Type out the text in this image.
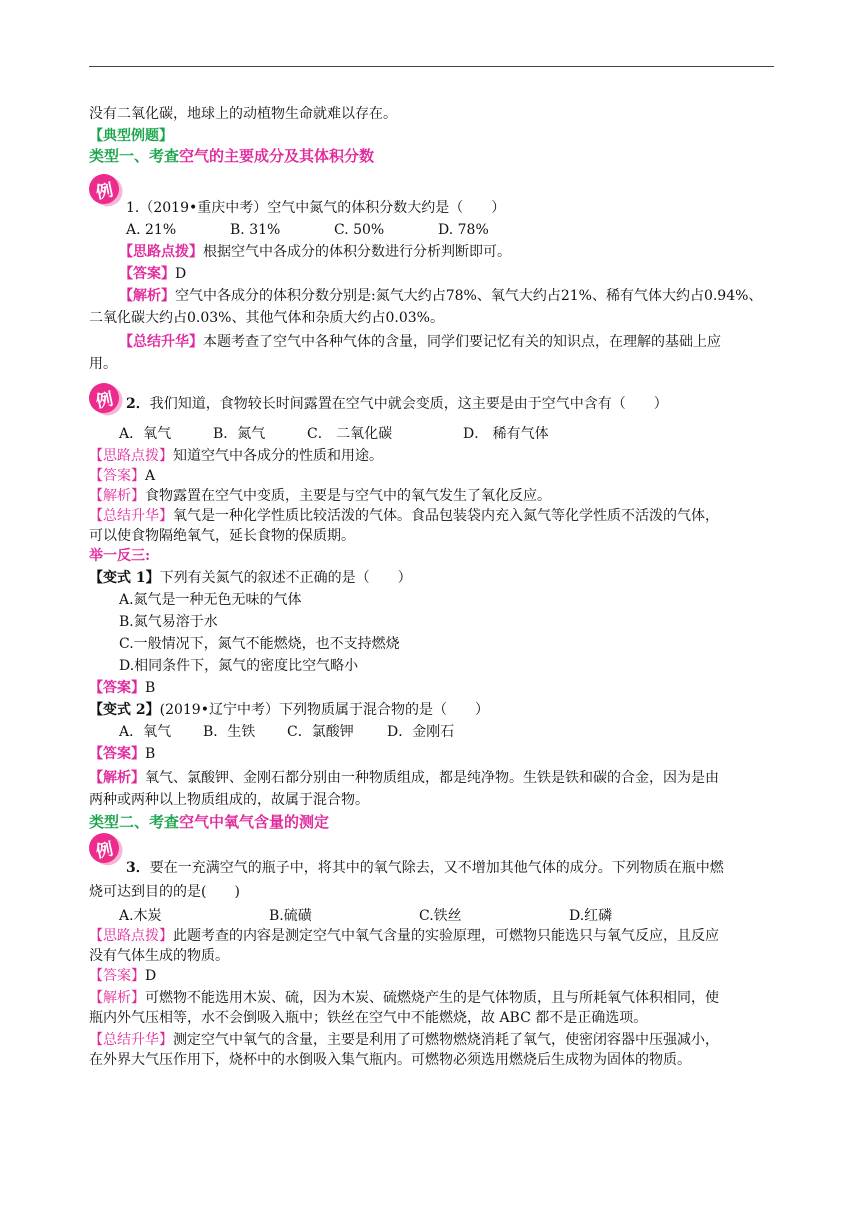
例
例
例

没有二氧化碳，地球上的动植物生命就难以存在。

【典型例题】

类型一、考查空气的主要成分及其体积分数

1.（2019•重庆中考）空气中氮气的体积分数大约是（　　）

A. 21%	B. 31%	C. 50%	D. 78%

【思路点拨】根据空气中各成分的体积分数进行分析判断即可。

【答案】D

【解析】空气中各成分的体积分数分别是:氮气大约占78%、氧气大约占21%、稀有气体大约占0.94%、

二氧化碳大约占0.03%、其他气体和杂质大约占0.03%。

【总结升华】本题考查了空气中各种气体的含量，同学们要记忆有关的知识点，在理解的基础上应

用。

2．我们知道，食物较长时间露置在空气中就会变质，这主要是由于空气中含有（　　）

A．氧气	B．氮气	C． 二氧化碳	D． 稀有气体

【思路点拨】知道空气中各成分的性质和用途。

【答案】A

【解析】食物露置在空气中变质，主要是与空气中的氧气发生了氧化反应。

【总结升华】氧气是一种化学性质比较活泼的气体。食品包装袋内充入氮气等化学性质不活泼的气体，

可以使食物隔绝氧气，延长食物的保质期。

举一反三:

【变式 1】下列有关氮气的叙述不正确的是（　　）

A.氮气是一种无色无味的气体

B.氮气易溶于水

C.一般情况下，氮气不能燃烧，也不支持燃烧

D.相同条件下，氮气的密度比空气略小

【答案】B

【变式 2】(2019•辽宁中考）下列物质属于混合物的是（　　）

A．氧气	B．生铁	C．氯酸钾	D．金刚石

【答案】B

【解析】氧气、氯酸钾、金刚石都分别由一种物质组成，都是纯净物。生铁是铁和碳的合金，因为是由

两种或两种以上物质组成的，故属于混合物。

类型二、考查空气中氧气含量的测定

3．要在一充满空气的瓶子中，将其中的氧气除去，又不增加其他气体的成分。下列物质在瓶中燃

烧可达到目的的是(　　)

A.木炭	B.硫磺	C.铁丝	D.红磷

【思路点拨】此题考查的内容是测定空气中氧气含量的实验原理，可燃物只能选只与氧气反应，且反应

没有气体生成的物质。

【答案】D

【解析】可燃物不能选用木炭、硫，因为木炭、硫燃烧产生的是气体物质，且与所耗氧气体积相同，使

瓶内外气压相等，水不会倒吸入瓶中；铁丝在空气中不能燃烧，故 ABC 都不是正确选项。

【总结升华】测定空气中氧气的含量，主要是利用了可燃物燃烧消耗了氧气，使密闭容器中压强减小，

在外界大气压作用下，烧杯中的水倒吸入集气瓶内。可燃物必须选用燃烧后生成物为固体的物质。
